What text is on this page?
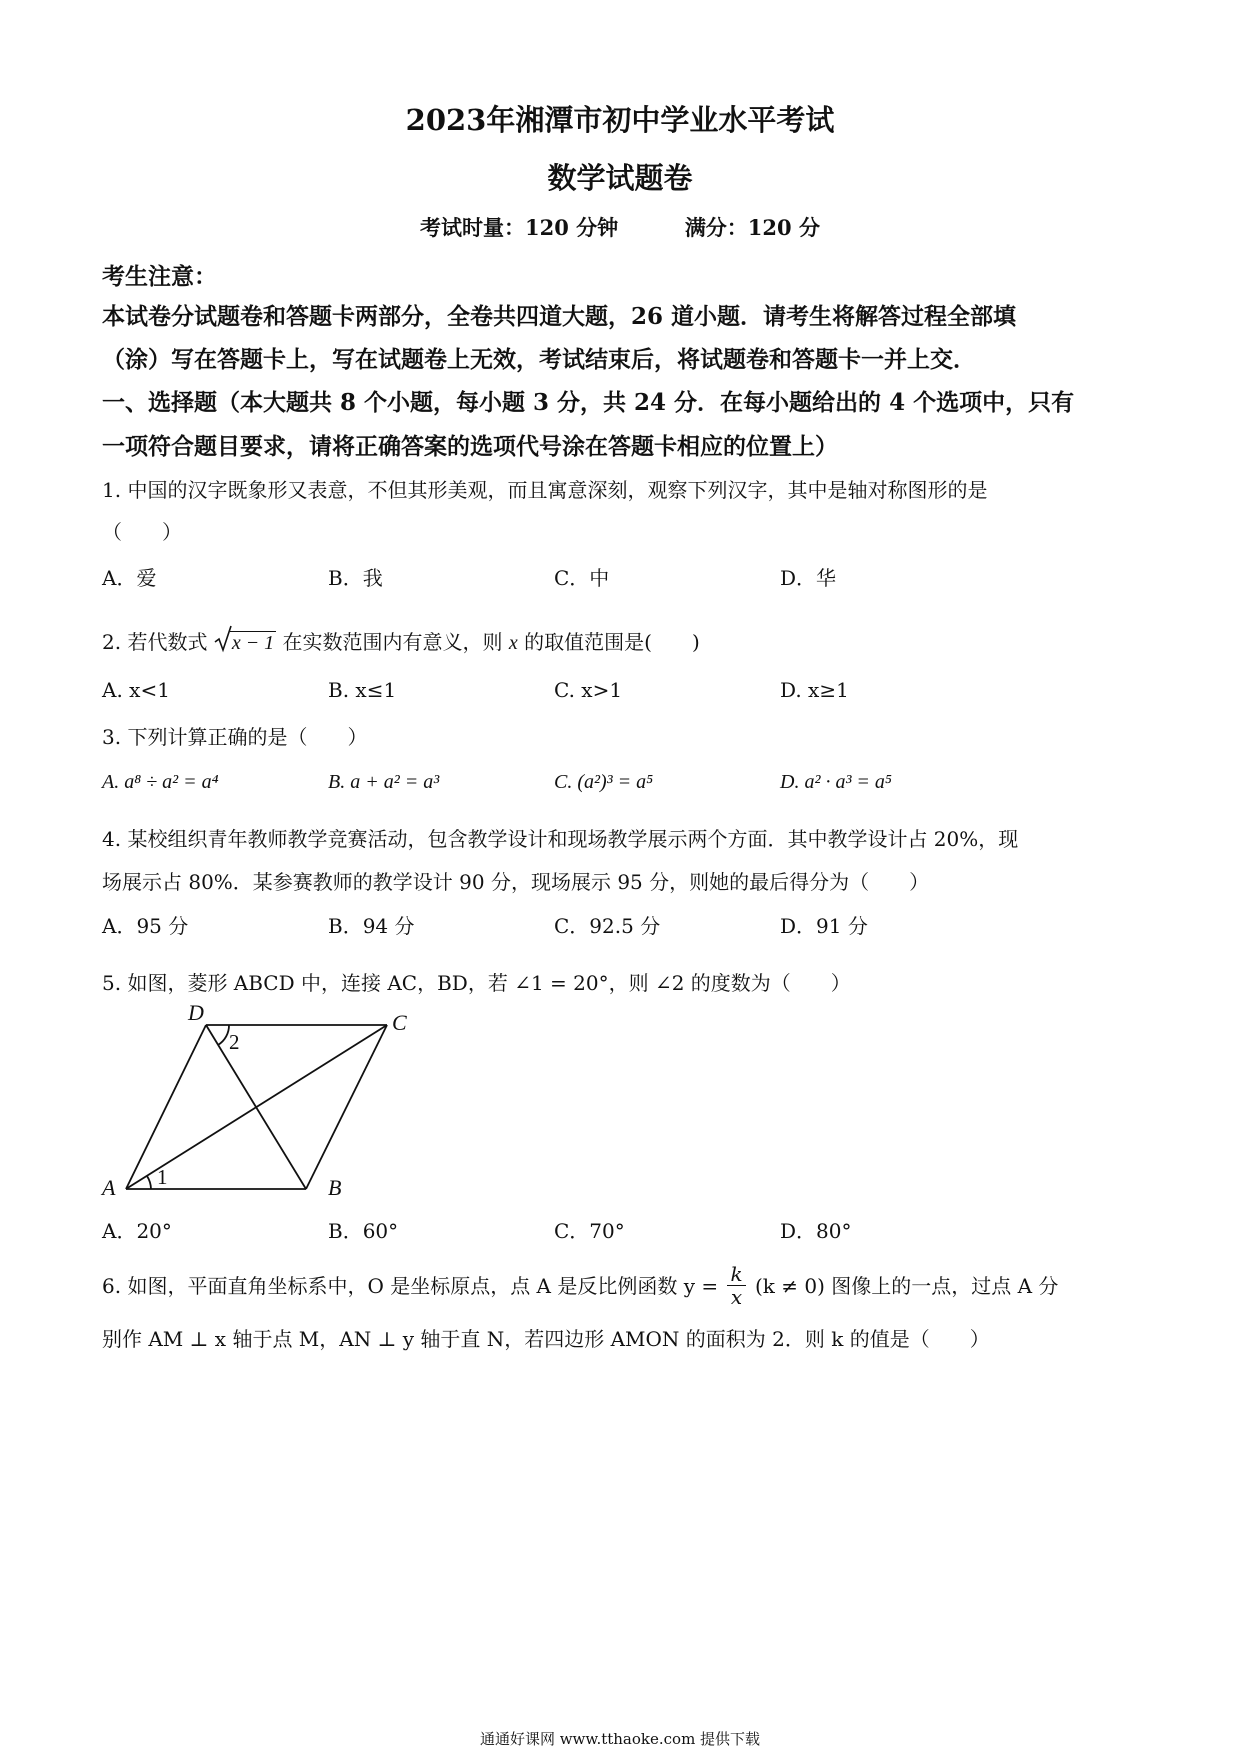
2023年湘潭市初中学业水平考试
数学试题卷
考试时量：120 分钟	满分：120 分
考生注意：
本试卷分试题卷和答题卡两部分，全卷共四道大题，26 道小题．请考生将解答过程全部填
（涂）写在答题卡上，写在试题卷上无效，考试结束后，将试题卷和答题卡一并上交．
一、选择题（本大题共 8 个小题，每小题 3 分，共 24 分．在每小题给出的 4 个选项中，只有
一项符合题目要求，请将正确答案的选项代号涂在答题卡相应的位置上）
1. 中国的汉字既象形又表意，不但其形美观，而且寓意深刻，观察下列汉字，其中是轴对称图形的是
（　　）
A．爱	B．我	C．中	D．华
2. 若代数式 x − 1 在实数范围内有意义，则 x 的取值范围是(　　)
A. x<1	B. x≤1	C. x>1	D. x≥1
3. 下列计算正确的是（　　）
A. a⁸ ÷ a² = a⁴	B. a + a² = a³	C. (a²)³ = a⁵	D. a² · a³ = a⁵
4. 某校组织青年教师教学竞赛活动，包含教学设计和现场教学展示两个方面．其中教学设计占 20%，现
场展示占 80%．某参赛教师的教学设计 90 分，现场展示 95 分，则她的最后得分为（　　）
A．95 分	B．94 分	C．92.5 分	D．91 分
5. 如图，菱形 ABCD 中，连接 AC，BD，若 ∠1 = 20°，则 ∠2 的度数为（　　）
D	C
A	B
2
1
A．20°	B．60°	C．70°	D．80°
6. 如图，平面直角坐标系中，O 是坐标原点，点 A 是反比例函数 $y = \frac{k}{x} (k \ne 0)$ 图像上的一点，过点 A 分
别作 AM ⊥ x 轴于点 M，AN ⊥ y 轴于直 N，若四边形 AMON 的面积为 2．则 k 的值是（　　）
通通好课网 www.tthaoke.com 提供下载
